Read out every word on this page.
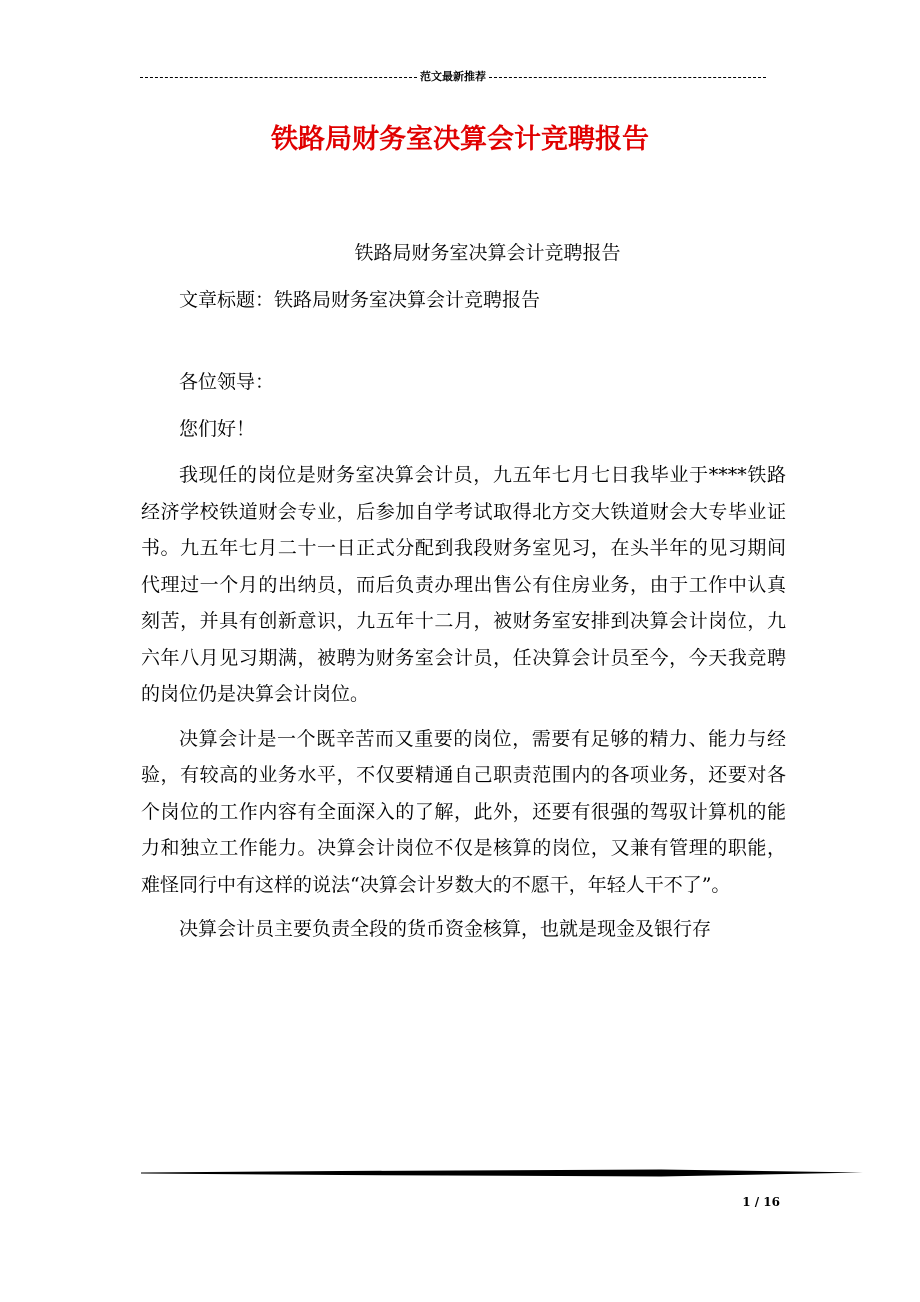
范文最新推荐
铁路局财务室决算会计竞聘报告

铁路局财务室决算会计竞聘报告

文章标题：铁路局财务室决算会计竞聘报告

各位领导：

您们好！

我现任的岗位是财务室决算会计员，九五年七月七日我毕业于****铁路经济学校铁道财会专业，后参加自学考试取得北方交大铁道财会大专毕业证书。九五年七月二十一日正式分配到我段财务室见习，在头半年的见习期间代理过一个月的出纳员，而后负责办理出售公有住房业务，由于工作中认真刻苦，并具有创新意识，九五年十二月，被财务室安排到决算会计岗位，九六年八月见习期满，被聘为财务室会计员，任决算会计员至今，今天我竞聘的岗位仍是决算会计岗位。

决算会计是一个既辛苦而又重要的岗位，需要有足够的精力、能力与经验，有较高的业务水平，不仅要精通自己职责范围内的各项业务，还要对各个岗位的工作内容有全面深入的了解，此外，还要有很强的驾驭计算机的能力和独立工作能力。决算会计岗位不仅是核算的岗位，又兼有管理的职能，难怪同行中有这样的说法“决算会计岁数大的不愿干，年轻人干不了”。

决算会计员主要负责全段的货币资金核算，也就是现金及银行存

1 / 16
